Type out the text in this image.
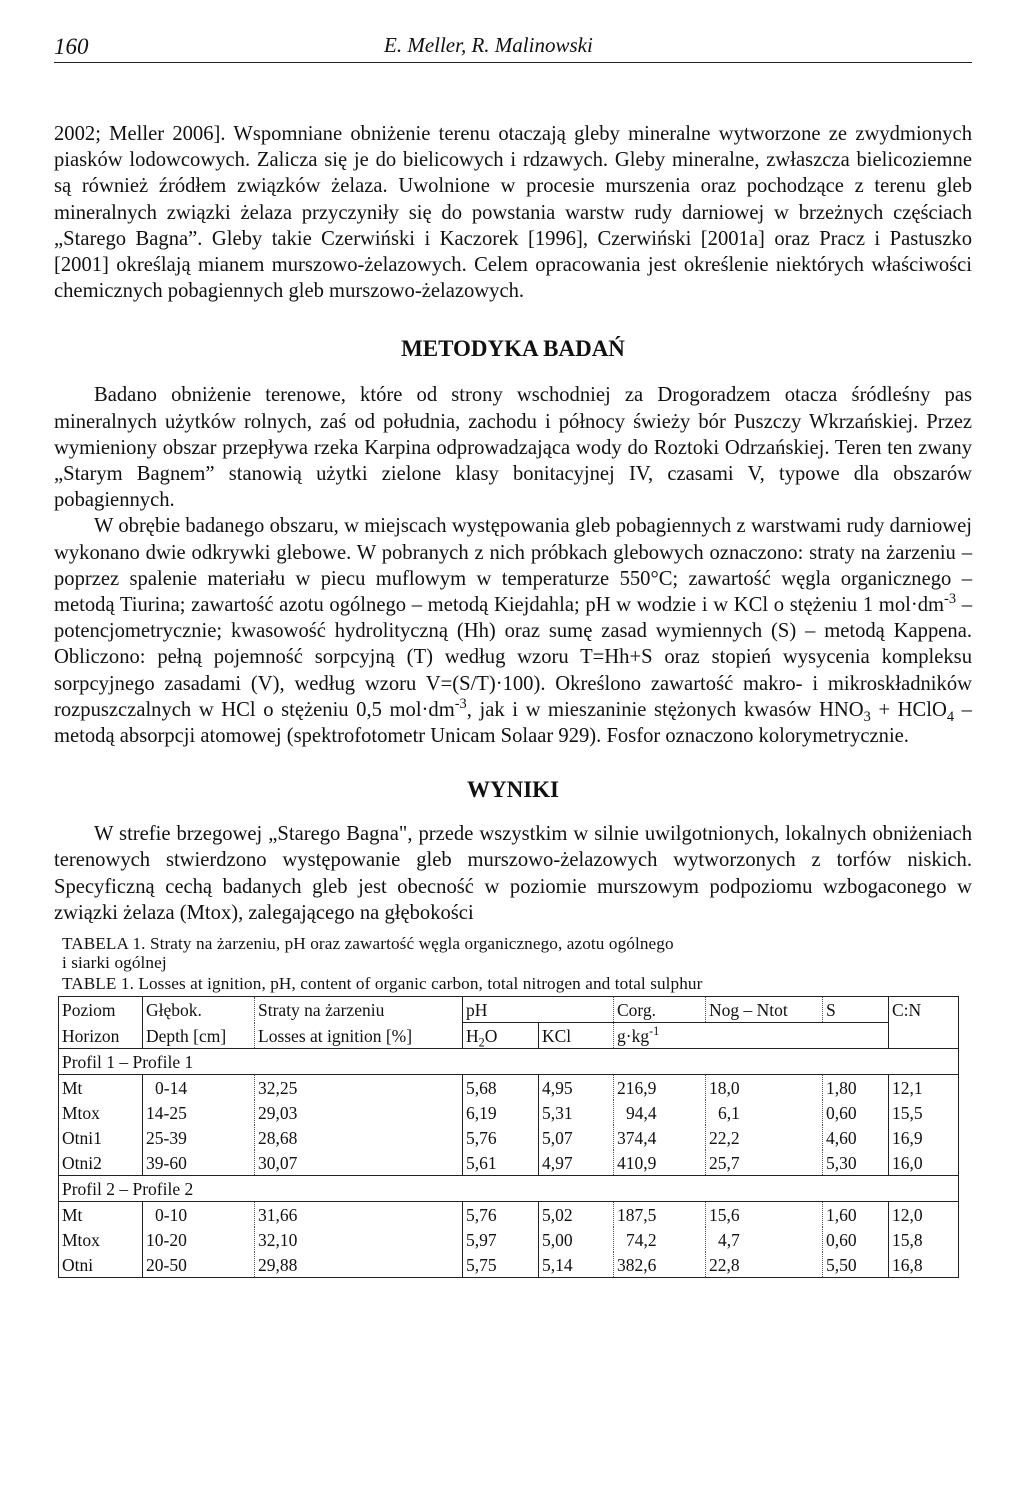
160	E. Meller, R. Malinowski

2002; Meller 2006]. Wspomniane obniżenie terenu otaczają gleby mineralne wytworzone ze zwydmionych piasków lodowcowych. Zalicza się je do bielicowych i rdzawych. Gleby mineralne, zwłaszcza bielicoziemne są również źródłem związków żelaza. Uwolnione w procesie murszenia oraz pochodzące z terenu gleb mineralnych związki żelaza przyczyniły się do powstania warstw rudy darniowej w brzeżnych częściach „Starego Bagna”. Gleby takie Czerwiński i Kaczorek [1996], Czerwiński [2001a] oraz Pracz i Pastuszko [2001] określają mianem murszowo-żelazowych. Celem opracowania jest określenie niektórych właściwości chemicznych pobagiennych gleb murszowo-żelazowych.

METODYKA BADAŃ

Badano obniżenie terenowe, które od strony wschodniej za Drogoradzem otacza śródleśny pas mineralnych użytków rolnych, zaś od południa, zachodu i północy świeży bór Puszczy Wkrzańskiej. Przez wymieniony obszar przepływa rzeka Karpina odprowadzająca wody do Roztoki Odrzańskiej. Teren ten zwany „Starym Bagnem” stanowią użytki zielone klasy bonitacyjnej IV, czasami V, typowe dla obszarów pobagiennych.

W obrębie badanego obszaru, w miejscach występowania gleb pobagiennych z warstwami rudy darniowej wykonano dwie odkrywki glebowe. W pobranych z nich próbkach glebowych oznaczono: straty na żarzeniu – poprzez spalenie materiału w piecu muflowym w temperaturze 550°C; zawartość węgla organicznego – metodą Tiurina; zawartość azotu ogólnego – metodą Kiejdahla; pH w wodzie i w KCl o stężeniu 1 $mol\cdot dm^{-3}$ – potencjometrycznie; kwasowość hydrolityczną (Hh) oraz sumę zasad wymiennych (S) – metodą Kappena. Obliczono: pełną pojemność sorpcyjną (T) według wzoru T=Hh+S oraz stopień wysycenia kompleksu sorpcyjnego zasadami (V), według wzoru V=(S/T)·100). Określono zawartość makro- i mikroskładników rozpuszczalnych w HCl o stężeniu 0,5 $mol\cdot dm^{-3}$, jak i w mieszaninie stężonych kwasów $HNO_3$ + HClO$_4$ – metodą absorpcji atomowej (spektrofotometr Unicam Solaar 929). Fosfor oznaczono kolorymetrycznie.

WYNIKI

W strefie brzegowej „Starego Bagna", przede wszystkim w silnie uwilgotnionych, lokalnych obniżeniach terenowych stwierdzono występowanie gleb murszowo-żelazowych wytworzonych z torfów niskich. Specyficzną cechą badanych gleb jest obecność w poziomie murszowym podpoziomu wzbogaconego w związki żelaza (Mtox), zalegającego na głębokości

TABELA 1. Straty na żarzeniu, pH oraz zawartość węgla organicznego, azotu ogólnego

i siarki ogólnej

TABLE 1. Losses at ignition, pH, content of organic carbon, total nitrogen and total sulphur

Poziom	Głębok.	Straty na żarzeniu	pH		Corg.	Nog – Ntot	S	C:N
Horizon	Depth [cm]	Losses at ignition [%]	$H_2O$	KCl	$g\cdot kg^{-1}$	
Profil 1 – Profile 1								
Mt	0-14	32,25	5,68	4,95	216,9	18,0	1,80	12,1
Mtox	14-25	29,03	6,19	5,31	94,4	6,1	0,60	15,5
Otni1	25-39	28,68	5,76	5,07	374,4	22,2	4,60	16,9
Otni2	39-60	30,07	5,61	4,97	410,9	25,7	5,30	16,0
Profil 2 – Profile 2								
Mt	0-10	31,66	5,76	5,02	187,5	15,6	1,60	12,0
Mtox	10-20	32,10	5,97	5,00	74,2	4,7	0,60	15,8
Otni	20-50	29,88	5,75	5,14	382,6	22,8	5,50	16,8
